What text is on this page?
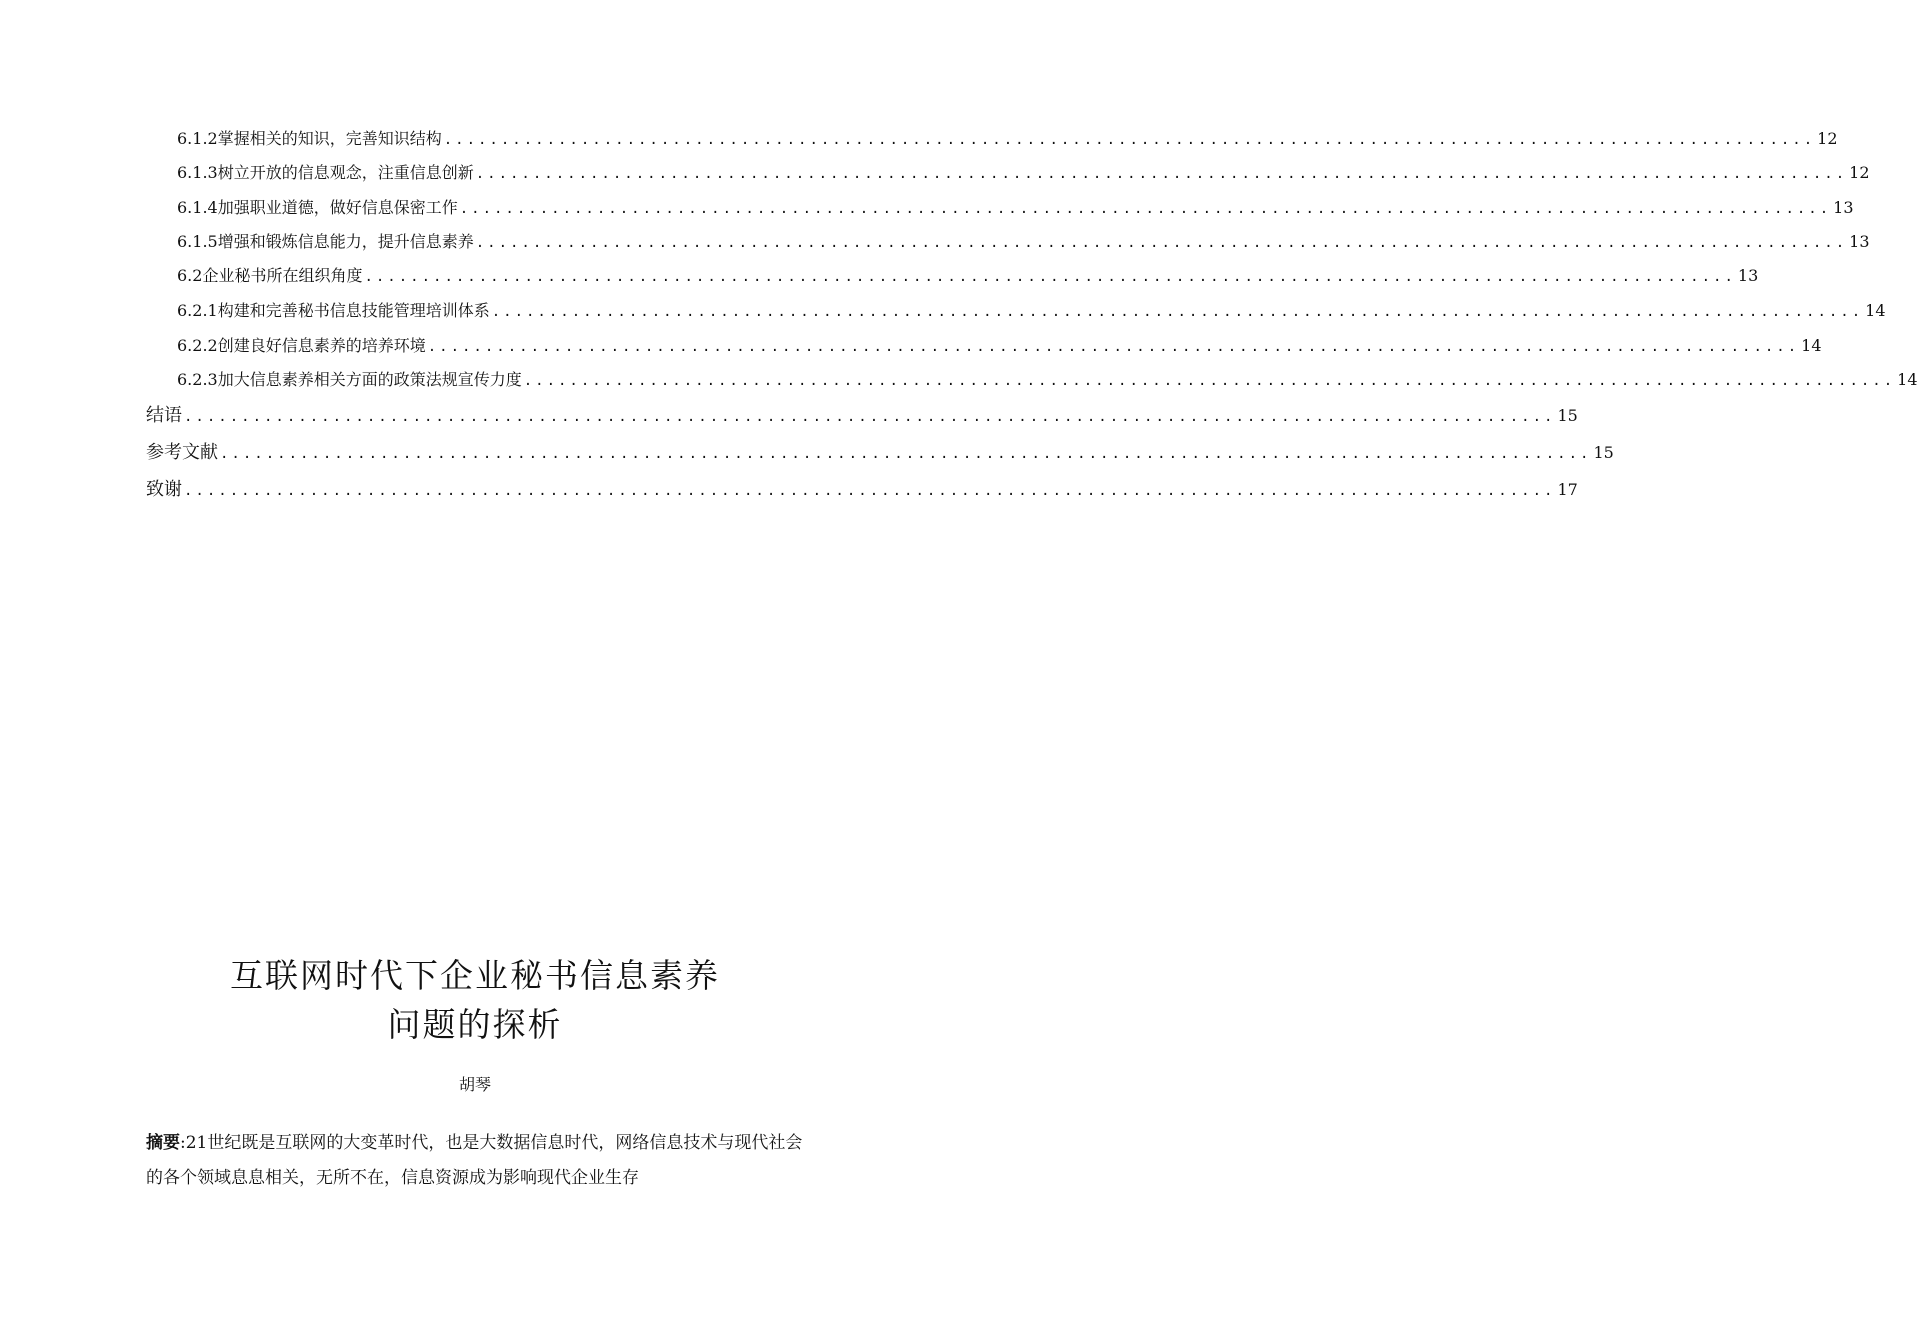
6.1.2掌握相关的知识，完善知识结构 ........................................................................................................................ 12
6.1.3树立开放的信息观念，注重信息创新 ........................................................................................................................ 12
6.1.4加强职业道德，做好信息保密工作 ........................................................................................................................ 13
6.1.5增强和锻炼信息能力，提升信息素养 ........................................................................................................................ 13
6.2企业秘书所在组织角度 ........................................................................................................................ 13
6.2.1构建和完善秘书信息技能管理培训体系 ........................................................................................................................ 14
6.2.2创建良好信息素养的培养环境 ........................................................................................................................ 14
6.2.3加大信息素养相关方面的政策法规宣传力度 ........................................................................................................................ 14
结语 ........................................................................................................................ 15
参考文献 ........................................................................................................................ 15
致谢 ........................................................................................................................ 17
互联网时代下企业秘书信息素养
问题的探析
胡琴
摘要:21世纪既是互联网的大变革时代，也是大数据信息时代，网络信息技术与现代社会的各个领域息息相关，无所不在，信息资源成为影响现代企业生存
